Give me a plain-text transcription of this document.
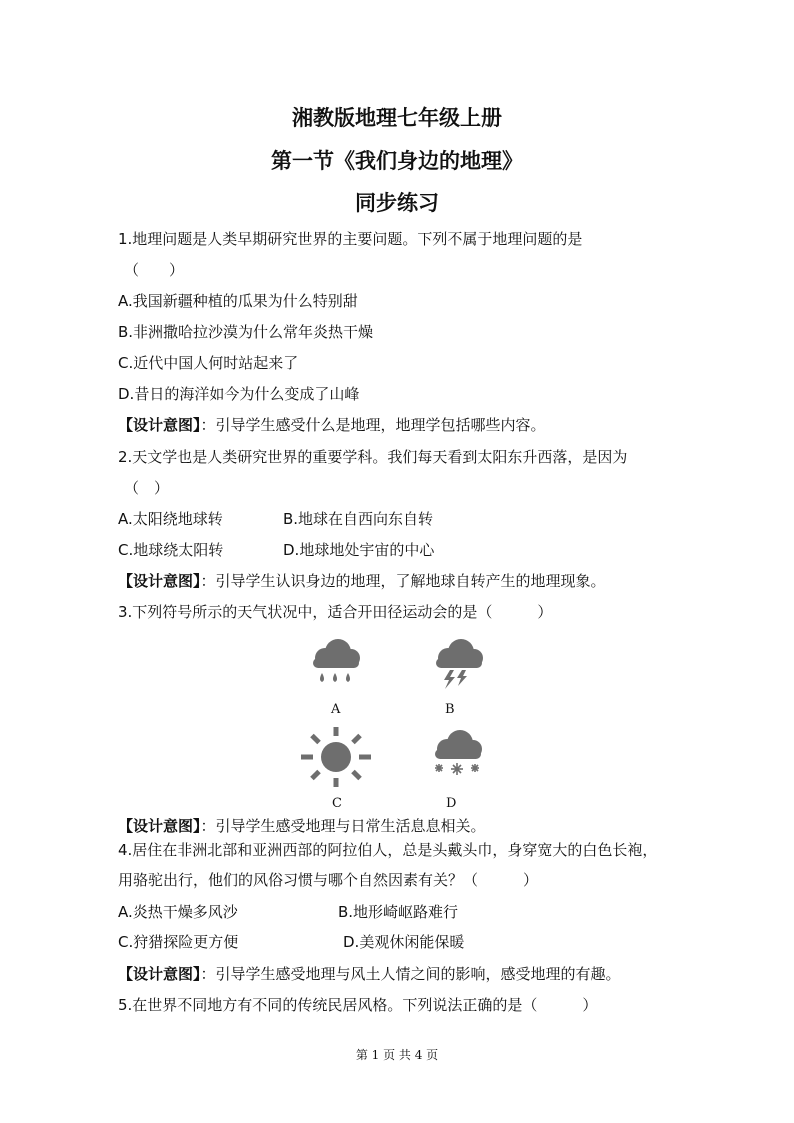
湘教版地理七年级上册
第一节《我们身边的地理》
同步练习
1.地理问题是人类早期研究世界的主要问题。下列不属于地理问题的是
（　　）
A.我国新疆种植的瓜果为什么特别甜
B.非洲撒哈拉沙漠为什么常年炎热干燥
C.近代中国人何时站起来了
D.昔日的海洋如今为什么变成了山峰
【设计意图】：引导学生感受什么是地理，地理学包括哪些内容。
2.天文学也是人类研究世界的重要学科。我们每天看到太阳东升西落，是因为
（　）
A.太阳绕地球转	B.地球在自西向东自转
C.地球绕太阳转	D.地球地处宇宙的中心
【设计意图】：引导学生认识身边的地理，了解地球自转产生的地理现象。
3.下列符号所示的天气状况中，适合开田径运动会的是（　　　）
A	B
C	D
【设计意图】：引导学生感受地理与日常生活息息相关。
4.居住在非洲北部和亚洲西部的阿拉伯人，总是头戴头巾，身穿宽大的白色长袍，
用骆驼出行，他们的风俗习惯与哪个自然因素有关？（　　　）
A.炎热干燥多风沙	B.地形崎岖路难行
C.狩猎探险更方便	D.美观休闲能保暖
【设计意图】：引导学生感受地理与风土人情之间的影响，感受地理的有趣。
5.在世界不同地方有不同的传统民居风格。下列说法正确的是（　　　）
第 1 页 共 4 页
